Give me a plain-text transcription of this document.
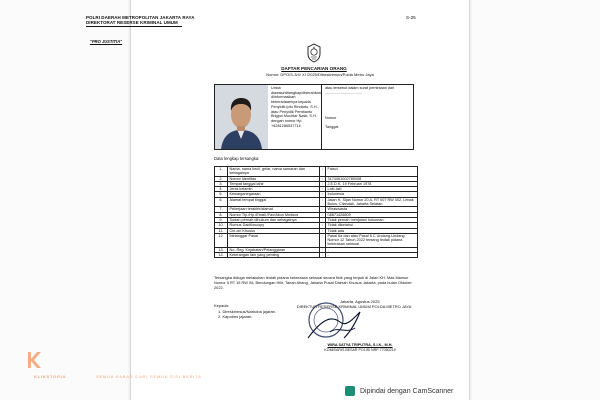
S-25
POLRI DAERAH METROPOLITAN JAKARTA RAYA
DIREKTORAT RESERSE KRIMINAL UMUM
"PRO JUSTITIA"
DAFTAR PENCARIAN ORANG
Nomor: DPO/S-3/4/ XI /2025/Ditreskrimum/Polda Metro Jaya
Untuk diawasi/ditangkap/diserahkan/ diinformasikan keberadaannya kepada Penyidik Iptu Rindarto, S.H., atau Penyidik Pembantu Brigpol Muchtar Nasir, S.H. dengan nomor Hp. +6281286537714
atau tersebut dalam surat pemintaan dari ...................................
Nomor
Tanggal
Data lengkap tersangka:
1.	Nama, nama kecil, gelar, nama samaran dan sebagainya	:	Faisol
2.	Nomor identitas	:	3174061002780008
3.	Tempat tanggal lahir	:	J.E.D.K, 19 Februari 1978
4.	Jenis kelamin	:	Laki-laki
5.	Kewarganegaraan	:	Indonesia
6.	Alamat tempat tinggal	:	Jalan H. Sijan Nomor 20 A, RT 007 RW 002, Lebak Bulus, Cilandak, Jakarta Selatan.
7.	Pekerjaan terakhir/alamat	:	Wiraswasta
8.	Nomor Tlp./Hp./Email./Fax/Akun Medsos	:	08871426809
9.	Sudah pernah dihukum dan sebagainya	:	Tidak pernah menjalani hukuman.
10.	Rumus Dactiloscopy	:	Tidak diketahui
11.	Ciri-ciri Khusus	:	Tidak ada
12.	Melanggar Pasal	:	Pasal 6a dan atau Pasal 6 C Undang-Undang Nomor 12 Tahun 2022 tentang tindak pidana kekerasan seksual.
13.	No. Reg. Kejahatan/Pelanggaran	:	-
14.	Keterangan lain yang penting	:	-
Tersangka diduga melakukan tindak pidana kekerasan seksual secara fisik yang terjadi di Jalan KH. Mas Mansur Nomor 5 RT 15 RW 08, Bendungan Hilir, Tanah Abang, Jakarta Pusat Daerah Khusus Jakarta, pada bulan Oktober 2022.
Kepada:
1. Direskrimsus/Narkoba jajaran.
2. Kapolres jajaran.
Jakarta, Agustus 2025
DIREKTUR RESERSE KRIMINAL UMUM POLDA METRO JAYA
WIRA SATYA TRIPUTRA, S.I.K., M.H.
KOMISARIS BESAR POLISI NRP 77050219
KLIKSTORIA	SEMUA KABAR DARI SEMUA SISI BERITA
Dipindai dengan CamScanner
